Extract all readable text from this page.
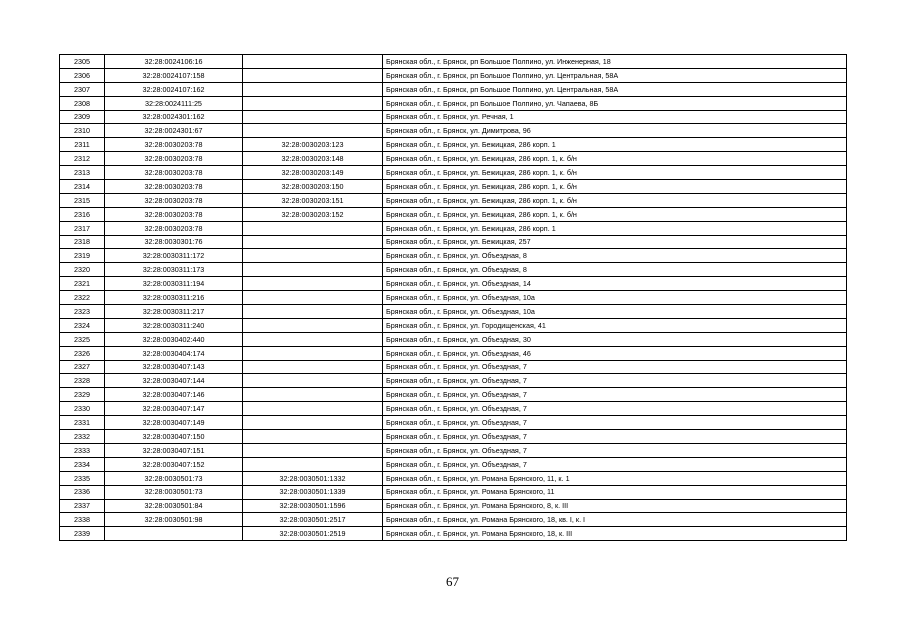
2305	32:28:0024106:16		Брянская обл., г. Брянск, рп Большое Полпино, ул. Инженерная, 18
2306	32:28:0024107:158		Брянская обл., г. Брянск, рп Большое Полпино, ул. Центральная, 58А
2307	32:28:0024107:162		Брянская обл., г. Брянск, рп Большое Полпино, ул. Центральная, 58А
2308	32:28:0024111:25		Брянская обл., г. Брянск, рп Большое Полпино, ул. Чапаева, 8Б
2309	32:28:0024301:162		Брянская обл., г. Брянск, ул. Речная, 1
2310	32:28:0024301:67		Брянская обл., г. Брянск, ул. Димитрова, 96
2311	32:28:0030203:78	32:28:0030203:123	Брянская обл., г. Брянск, ул. Бежицкая, 286 корп. 1
2312	32:28:0030203:78	32:28:0030203:148	Брянская обл., г. Брянск, ул. Бежицкая, 286 корп. 1, к. б/н
2313	32:28:0030203:78	32:28:0030203:149	Брянская обл., г. Брянск, ул. Бежицкая, 286 корп. 1, к. б/н
2314	32:28:0030203:78	32:28:0030203:150	Брянская обл., г. Брянск, ул. Бежицкая, 286 корп. 1, к. б/н
2315	32:28:0030203:78	32:28:0030203:151	Брянская обл., г. Брянск, ул. Бежицкая, 286 корп. 1, к. б/н
2316	32:28:0030203:78	32:28:0030203:152	Брянская обл., г. Брянск, ул. Бежицкая, 286 корп. 1, к. б/н
2317	32:28:0030203:78		Брянская обл., г. Брянск, ул. Бежицкая, 286 корп. 1
2318	32:28:0030301:76		Брянская обл., г. Брянск, ул. Бежицкая, 257
2319	32:28:0030311:172		Брянская обл., г. Брянск, ул. Объездная, 8
2320	32:28:0030311:173		Брянская обл., г. Брянск, ул. Объездная, 8
2321	32:28:0030311:194		Брянская обл., г. Брянск, ул. Объездная, 14
2322	32:28:0030311:216		Брянская обл., г. Брянск, ул. Объездная, 10а
2323	32:28:0030311:217		Брянская обл., г. Брянск, ул. Объездная, 10а
2324	32:28:0030311:240		Брянская обл., г. Брянск, ул. Городищенская, 41
2325	32:28:0030402:440		Брянская обл., г. Брянск, ул. Объездная, 30
2326	32:28:0030404:174		Брянская обл., г. Брянск, ул. Объездная, 46
2327	32:28:0030407:143		Брянская обл., г. Брянск, ул. Объездная, 7
2328	32:28:0030407:144		Брянская обл., г. Брянск, ул. Объездная, 7
2329	32:28:0030407:146		Брянская обл., г. Брянск, ул. Объездная, 7
2330	32:28:0030407:147		Брянская обл., г. Брянск, ул. Объездная, 7
2331	32:28:0030407:149		Брянская обл., г. Брянск, ул. Объездная, 7
2332	32:28:0030407:150		Брянская обл., г. Брянск, ул. Объездная, 7
2333	32:28:0030407:151		Брянская обл., г. Брянск, ул. Объездная, 7
2334	32:28:0030407:152		Брянская обл., г. Брянск, ул. Объездная, 7
2335	32:28:0030501:73	32:28:0030501:1332	Брянская обл., г. Брянск, ул. Романа Брянского, 11, к. 1
2336	32:28:0030501:73	32:28:0030501:1339	Брянская обл., г. Брянск, ул. Романа Брянского, 11
2337	32:28:0030501:84	32:28:0030501:1596	Брянская обл., г. Брянск, ул. Романа Брянского, 8, к. III
2338	32:28:0030501:98	32:28:0030501:2517	Брянская обл., г. Брянск, ул. Романа Брянского, 18, кв. I, к. I
2339		32:28:0030501:2519	Брянская обл., г. Брянск, ул. Романа Брянского, 18, к. III
67
